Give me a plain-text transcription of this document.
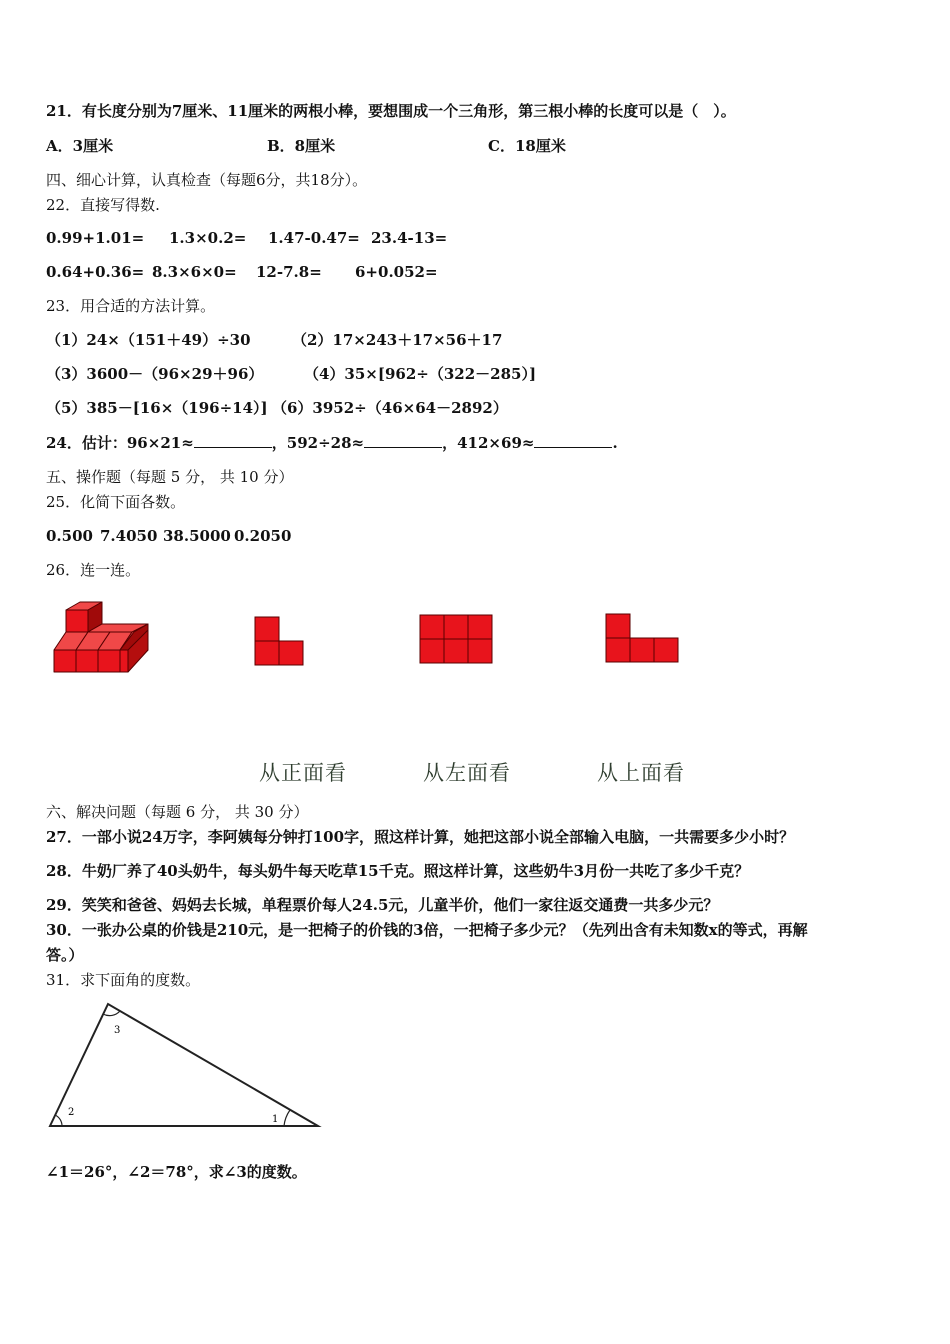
21．有长度分别为7厘米、11厘米的两根小棒，要想围成一个三角形，第三根小棒的长度可以是（　）。
A．3厘米	B．8厘米	C．18厘米
四、细心计算，认真检查（每题6分，共18分）。
22．直接写得数.
0.99+1.01= 1.3×0.2= 1.47-0.47= 23.4-13=
0.64+0.36= 8.3×6×0= 12-7.8= 6+0.052=
23．用合适的方法计算。
（1）24×（151＋49）÷30	（2）17×243＋17×56＋17
（3）3600－（96×29＋96）	（4）35×[962÷（322－285）]
（5）385－[16×（196÷14）] （6）3952÷（46×64－2892）
24．估计：96×21≈	，592÷28≈	，412×69≈	.
五、操作题（每题 5 分， 共 10 分）
25．化简下面各数。
0.500 7.4050 38.5000 0.2050
26．连一连。
从正面看	从左面看	从上面看
六、解决问题（每题 6 分， 共 30 分）
27．一部小说24万字，李阿姨每分钟打100字，照这样计算，她把这部小说全部输入电脑，一共需要多少小时？
28．牛奶厂养了40头奶牛，每头奶牛每天吃草15千克。照这样计算，这些奶牛3月份一共吃了多少千克？
29．笑笑和爸爸、妈妈去长城，单程票价每人24.5元，儿童半价，他们一家往返交通费一共多少元？
30．一张办公桌的价钱是210元，是一把椅子的价钱的3倍，一把椅子多少元？（先列出含有未知数x的等式，再解
答。）
31．求下面角的度数。
1
2
3
∠1＝26°，∠2＝78°，求∠3的度数。
